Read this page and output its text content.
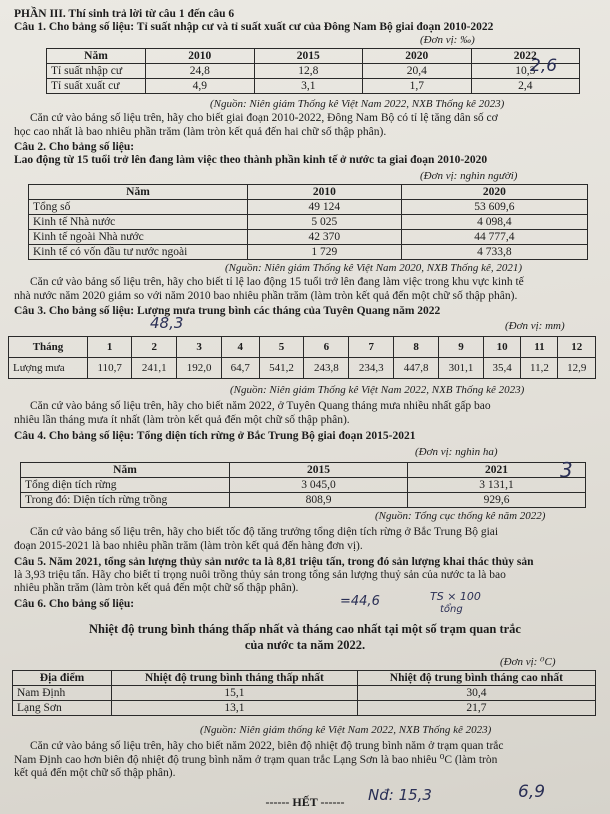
PHẦN III. Thí sinh trả lời từ câu 1 đến câu 6

Câu 1. Cho bảng số liệu: Tỉ suất nhập cư và tỉ suất xuất cư của Đông Nam Bộ giai đoạn 2010-2022

(Đơn vị: ‰)
Năm	2010	2015	2020	2022
Tỉ suất nhập cư	24,8	12,8	20,4	10,3
Tỉ suất xuất cư	4,9	3,1	1,7	2,4
2,6
(Nguồn: Niên giám Thống kê Việt Nam 2022, NXB Thống kê 2023)

Căn cứ vào bảng số liệu trên, hãy cho biết giai đoạn 2010-2022, Đông Nam Bộ có tỉ lệ tăng dân số cơ

học cao nhất là bao nhiêu phần trăm (làm tròn kết quả đến hai chữ số thập phân).

Câu 2. Cho bảng số liệu:

Lao động từ 15 tuổi trở lên đang làm việc theo thành phần kinh tế ở nước ta giai đoạn 2010-2020

(Đơn vị: nghìn người)
Năm	2010	2020
Tổng số	49 124	53 609,6
Kinh tế Nhà nước	5 025	4 098,4
Kinh tế ngoài Nhà nước	42 370	44 777,4
Kinh tế có vốn đầu tư nước ngoài	1 729	4 733,8
(Nguồn: Niên giám Thống kê Việt Nam 2020, NXB Thống kê, 2021)

Căn cứ vào bảng số liệu trên, hãy cho biết tỉ lệ lao động 15 tuổi trở lên đang làm việc trong khu vực kinh tế

nhà nước năm 2020 giảm so với năm 2010 bao nhiêu phần trăm (làm tròn kết quả đến một chữ số thập phân).

Câu 3. Cho bảng số liệu: Lượng mưa trung bình các tháng của Tuyên Quang năm 2022

48,3	(Đơn vị: mm)
Tháng	1	2	3	4	5	6	7	8	9	10	11	12
Lượng mưa	110,7	241,1	192,0	64,7	541,2	243,8	234,3	447,8	301,1	35,4	11,2	12,9
(Nguồn: Niên giám Thống kê Việt Nam 2022, NXB Thống kê 2023)

Căn cứ vào bảng số liệu trên, hãy cho biết năm 2022, ở Tuyên Quang tháng mưa nhiều nhất gấp bao

nhiêu lần tháng mưa ít nhất (làm tròn kết quả đến một chữ số thập phân).

Câu 4. Cho bảng số liệu: Tổng diện tích rừng ở Bắc Trung Bộ giai đoạn 2015-2021

(Đơn vị: nghìn ha)
Năm	2015	2021
Tổng diện tích rừng	3 045,0	3 131,1
Trong đó: Diện tích rừng trồng	808,9	929,6
3
(Nguồn: Tổng cục thống kê năm 2022)

Căn cứ vào bảng số liệu trên, hãy cho biết tốc độ tăng trưởng tổng diện tích rừng ở Bắc Trung Bộ giai

đoạn 2015-2021 là bao nhiêu phần trăm (làm tròn kết quả đến hàng đơn vị).

Câu 5. Năm 2021, tổng sản lượng thủy sản nước ta là 8,81 triệu tấn, trong đó sản lượng khai thác thủy sản

là 3,93 triệu tấn. Hãy cho biết tỉ trọng nuôi trồng thủy sản trong tổng sản lượng thuỷ sản của nước ta là bao

nhiêu phần trăm (làm tròn kết quả đến một chữ số thập phân).

=44,6	TS × 100
tổng

Câu 6. Cho bảng số liệu:

Nhiệt độ trung bình tháng thấp nhất và tháng cao nhất tại một số trạm quan trắc
của nước ta năm 2022.
(Đơn vị: ⁰C)
Địa điểm	Nhiệt độ trung bình tháng thấp nhất	Nhiệt độ trung bình tháng cao nhất
Nam Định	15,1	30,4
Lạng Sơn	13,1	21,7
(Nguồn: Niên giám thống kê Việt Nam 2022, NXB Thống kê 2023)

Căn cứ vào bảng số liệu trên, hãy cho biết năm 2022, biên độ nhiệt độ trung bình năm ở trạm quan trắc

Nam Định cao hơn biên độ nhiệt độ trung bình năm ở trạm quan trắc Lạng Sơn là bao nhiêu ⁰C (làm tròn

kết quả đến một chữ số thập phân).

------ HẾT ------	Nđ: 15,3	6,9
